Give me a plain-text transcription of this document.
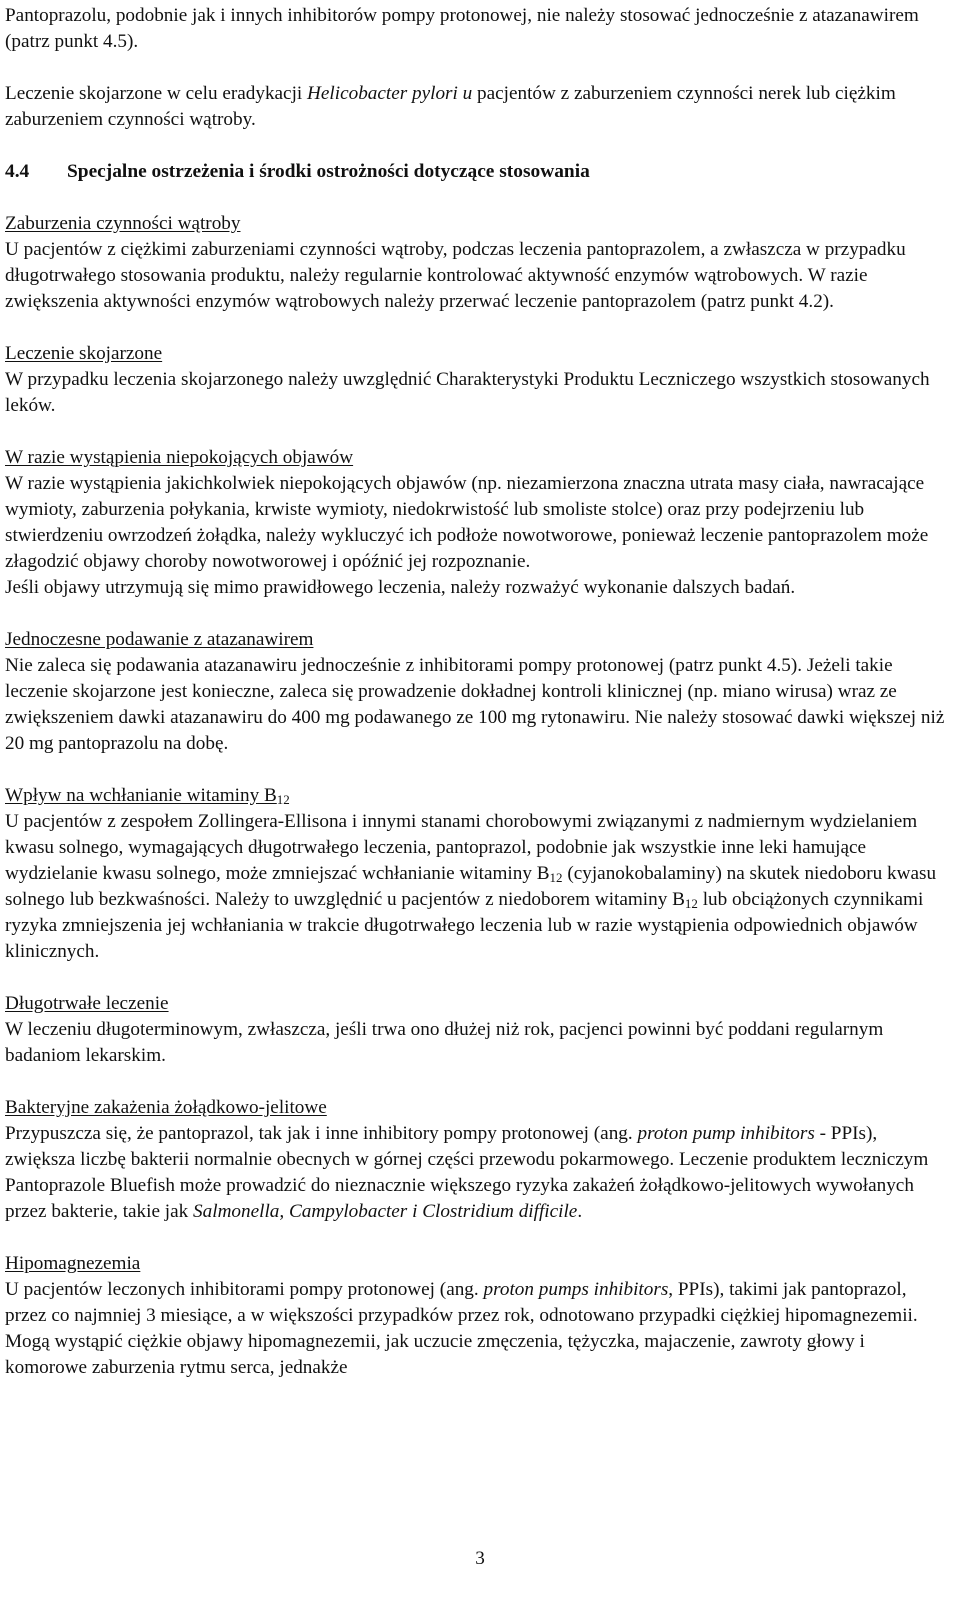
Pantoprazolu, podobnie jak i innych inhibitorów pompy protonowej, nie należy stosować jednocześnie z atazanawirem (patrz punkt 4.5).

Leczenie skojarzone w celu eradykacji Helicobacter pylori u pacjentów z zaburzeniem czynności nerek lub ciężkim zaburzeniem czynności wątroby.

4.4 Specjalne ostrzeżenia i środki ostrożności dotyczące stosowania

Zaburzenia czynności wątroby

U pacjentów z ciężkimi zaburzeniami czynności wątroby, podczas leczenia pantoprazolem, a zwłaszcza w przypadku długotrwałego stosowania produktu, należy regularnie kontrolować aktywność enzymów wątrobowych. W razie zwiększenia aktywności enzymów wątrobowych należy przerwać leczenie pantoprazolem (patrz punkt 4.2).

Leczenie skojarzone

W przypadku leczenia skojarzonego należy uwzględnić Charakterystyki Produktu Leczniczego wszystkich stosowanych leków.

W razie wystąpienia niepokojących objawów

W razie wystąpienia jakichkolwiek niepokojących objawów (np. niezamierzona znaczna utrata masy ciała, nawracające wymioty, zaburzenia połykania, krwiste wymioty, niedokrwistość lub smoliste stolce) oraz przy podejrzeniu lub stwierdzeniu owrzodzeń żołądka, należy wykluczyć ich podłoże nowotworowe, ponieważ leczenie pantoprazolem może złagodzić objawy choroby nowotworowej i opóźnić jej rozpoznanie.

Jeśli objawy utrzymują się mimo prawidłowego leczenia, należy rozważyć wykonanie dalszych badań.

Jednoczesne podawanie z atazanawirem

Nie zaleca się podawania atazanawiru jednocześnie z inhibitorami pompy protonowej (patrz punkt 4.5). Jeżeli takie leczenie skojarzone jest konieczne, zaleca się prowadzenie dokładnej kontroli klinicznej (np. miano wirusa) wraz ze zwiększeniem dawki atazanawiru do 400 mg podawanego ze 100 mg rytonawiru. Nie należy stosować dawki większej niż 20 mg pantoprazolu na dobę.

Wpływ na wchłanianie witaminy $B_{12}$

U pacjentów z zespołem Zollingera-Ellisona i innymi stanami chorobowymi związanymi z nadmiernym wydzielaniem kwasu solnego, wymagających długotrwałego leczenia, pantoprazol, podobnie jak wszystkie inne leki hamujące wydzielanie kwasu solnego, może zmniejszać wchłanianie witaminy $B_{12}$ (cyjanokobalaminy) na skutek niedoboru kwasu solnego lub bezkwaśności. Należy to uwzględnić u pacjentów z niedoborem witaminy $B_{12}$ lub obciążonych czynnikami ryzyka zmniejszenia jej wchłaniania w trakcie długotrwałego leczenia lub w razie wystąpienia odpowiednich objawów klinicznych.

Długotrwałe leczenie

W leczeniu długoterminowym, zwłaszcza, jeśli trwa ono dłużej niż rok, pacjenci powinni być poddani regularnym badaniom lekarskim.

Bakteryjne zakażenia żołądkowo-jelitowe

Przypuszcza się, że pantoprazol, tak jak i inne inhibitory pompy protonowej (ang. proton pump inhibitors - PPIs), zwiększa liczbę bakterii normalnie obecnych w górnej części przewodu pokarmowego. Leczenie produktem leczniczym Pantoprazole Bluefish może prowadzić do nieznacznie większego ryzyka zakażeń żołądkowo-jelitowych wywołanych przez bakterie, takie jak Salmonella, Campylobacter i Clostridium difficile.

Hipomagnezemia

U pacjentów leczonych inhibitorami pompy protonowej (ang. proton pumps inhibitors, PPIs), takimi jak pantoprazol, przez co najmniej 3 miesiące, a w większości przypadków przez rok, odnotowano przypadki ciężkiej hipomagnezemii. Mogą wystąpić ciężkie objawy hipomagnezemii, jak uczucie zmęczenia, tężyczka, majaczenie, zawroty głowy i komorowe zaburzenia rytmu serca, jednakże

3
